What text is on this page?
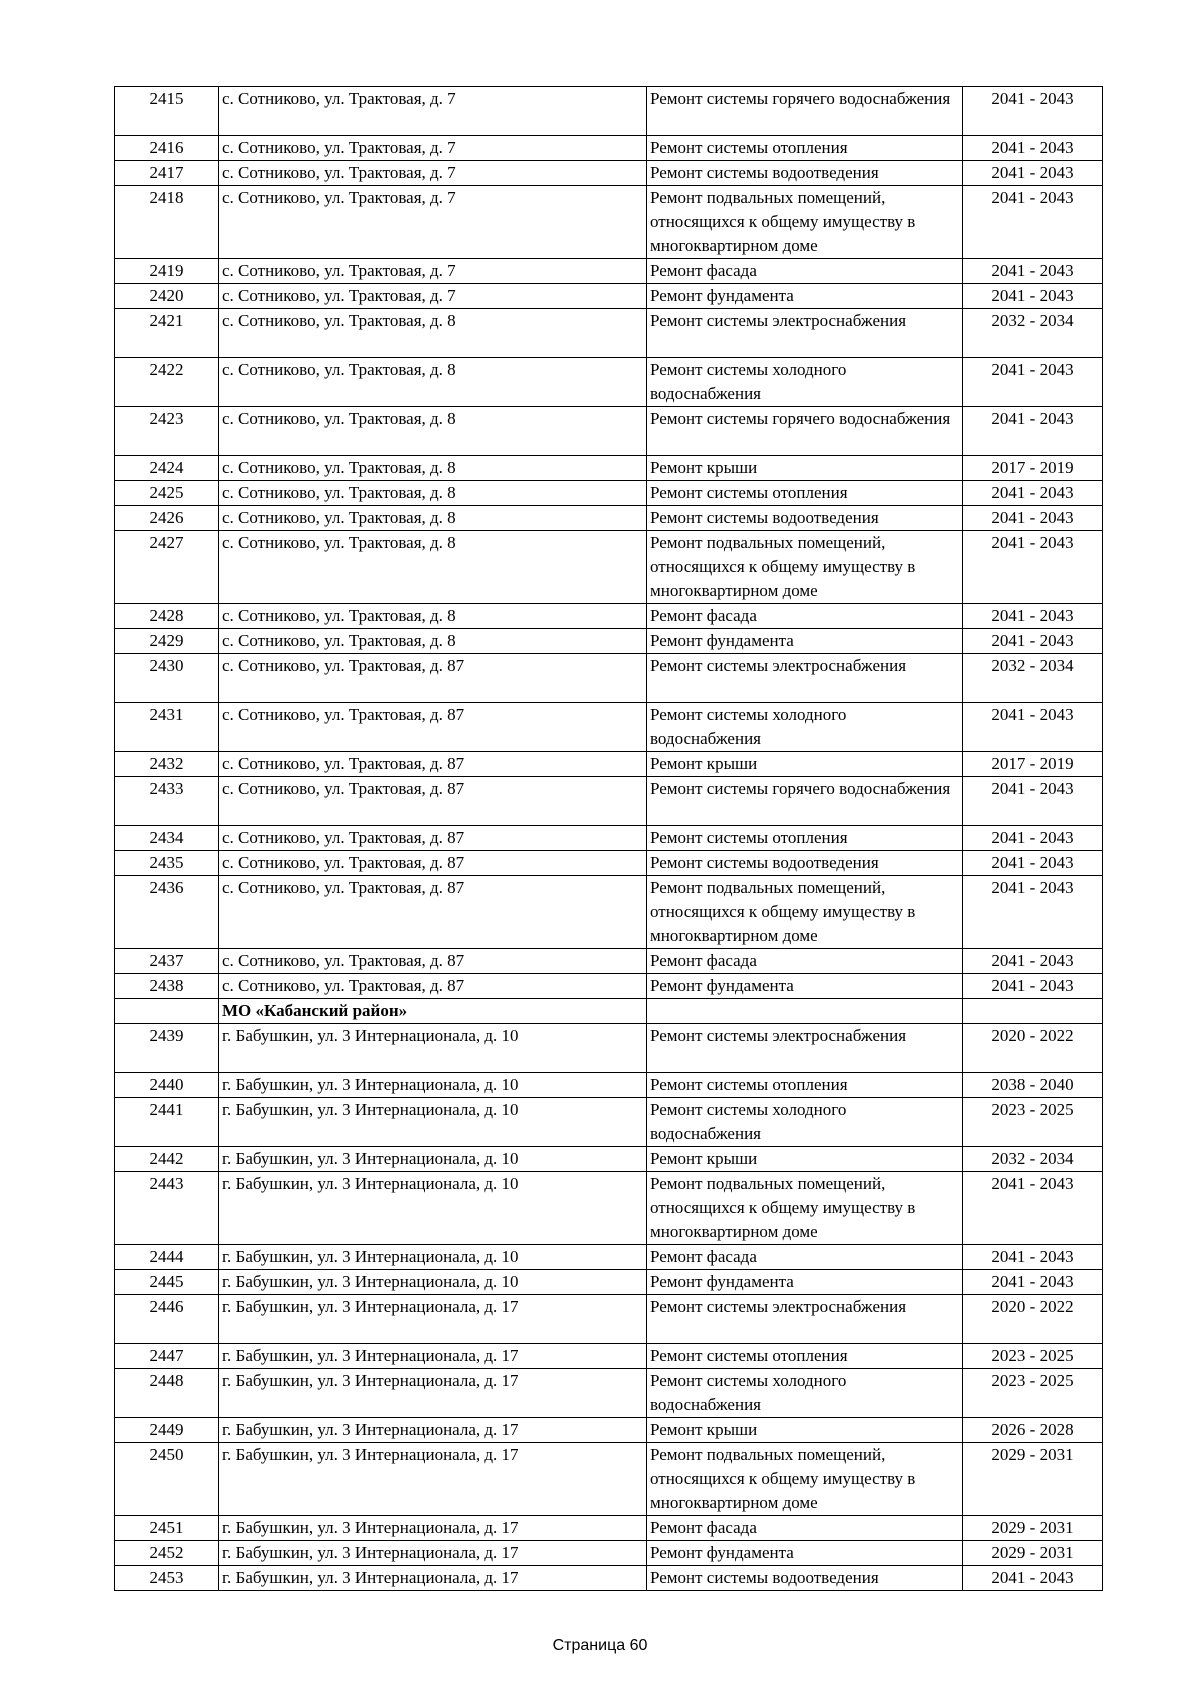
2415	с. Сотниково, ул. Трактовая, д. 7	Ремонт системы горячего водоснабжения	2041 - 2043
2416	с. Сотниково, ул. Трактовая, д. 7	Ремонт системы отопления	2041 - 2043
2417	с. Сотниково, ул. Трактовая, д. 7	Ремонт системы водоотведения	2041 - 2043
2418	с. Сотниково, ул. Трактовая, д. 7	Ремонт подвальных помещений, относящихся к общему имуществу в многоквартирном доме	2041 - 2043
2419	с. Сотниково, ул. Трактовая, д. 7	Ремонт фасада	2041 - 2043
2420	с. Сотниково, ул. Трактовая, д. 7	Ремонт фундамента	2041 - 2043
2421	с. Сотниково, ул. Трактовая, д. 8	Ремонт системы электроснабжения	2032 - 2034
2422	с. Сотниково, ул. Трактовая, д. 8	Ремонт системы холодного водоснабжения	2041 - 2043
2423	с. Сотниково, ул. Трактовая, д. 8	Ремонт системы горячего водоснабжения	2041 - 2043
2424	с. Сотниково, ул. Трактовая, д. 8	Ремонт крыши	2017 - 2019
2425	с. Сотниково, ул. Трактовая, д. 8	Ремонт системы отопления	2041 - 2043
2426	с. Сотниково, ул. Трактовая, д. 8	Ремонт системы водоотведения	2041 - 2043
2427	с. Сотниково, ул. Трактовая, д. 8	Ремонт подвальных помещений, относящихся к общему имуществу в многоквартирном доме	2041 - 2043
2428	с. Сотниково, ул. Трактовая, д. 8	Ремонт фасада	2041 - 2043
2429	с. Сотниково, ул. Трактовая, д. 8	Ремонт фундамента	2041 - 2043
2430	с. Сотниково, ул. Трактовая, д. 87	Ремонт системы электроснабжения	2032 - 2034
2431	с. Сотниково, ул. Трактовая, д. 87	Ремонт системы холодного водоснабжения	2041 - 2043
2432	с. Сотниково, ул. Трактовая, д. 87	Ремонт крыши	2017 - 2019
2433	с. Сотниково, ул. Трактовая, д. 87	Ремонт системы горячего водоснабжения	2041 - 2043
2434	с. Сотниково, ул. Трактовая, д. 87	Ремонт системы отопления	2041 - 2043
2435	с. Сотниково, ул. Трактовая, д. 87	Ремонт системы водоотведения	2041 - 2043
2436	с. Сотниково, ул. Трактовая, д. 87	Ремонт подвальных помещений, относящихся к общему имуществу в многоквартирном доме	2041 - 2043
2437	с. Сотниково, ул. Трактовая, д. 87	Ремонт фасада	2041 - 2043
2438	с. Сотниково, ул. Трактовая, д. 87	Ремонт фундамента	2041 - 2043
	МО «Кабанский район»		
2439	г. Бабушкин, ул. 3 Интернационала, д. 10	Ремонт системы электроснабжения	2020 - 2022
2440	г. Бабушкин, ул. 3 Интернационала, д. 10	Ремонт системы отопления	2038 - 2040
2441	г. Бабушкин, ул. 3 Интернационала, д. 10	Ремонт системы холодного водоснабжения	2023 - 2025
2442	г. Бабушкин, ул. 3 Интернационала, д. 10	Ремонт крыши	2032 - 2034
2443	г. Бабушкин, ул. 3 Интернационала, д. 10	Ремонт подвальных помещений, относящихся к общему имуществу в многоквартирном доме	2041 - 2043
2444	г. Бабушкин, ул. 3 Интернационала, д. 10	Ремонт фасада	2041 - 2043
2445	г. Бабушкин, ул. 3 Интернационала, д. 10	Ремонт фундамента	2041 - 2043
2446	г. Бабушкин, ул. 3 Интернационала, д. 17	Ремонт системы электроснабжения	2020 - 2022
2447	г. Бабушкин, ул. 3 Интернационала, д. 17	Ремонт системы отопления	2023 - 2025
2448	г. Бабушкин, ул. 3 Интернационала, д. 17	Ремонт системы холодного водоснабжения	2023 - 2025
2449	г. Бабушкин, ул. 3 Интернационала, д. 17	Ремонт крыши	2026 - 2028
2450	г. Бабушкин, ул. 3 Интернационала, д. 17	Ремонт подвальных помещений, относящихся к общему имуществу в многоквартирном доме	2029 - 2031
2451	г. Бабушкин, ул. 3 Интернационала, д. 17	Ремонт фасада	2029 - 2031
2452	г. Бабушкин, ул. 3 Интернационала, д. 17	Ремонт фундамента	2029 - 2031
2453	г. Бабушкин, ул. 3 Интернационала, д. 17	Ремонт системы водоотведения	2041 - 2043
Страница 60
